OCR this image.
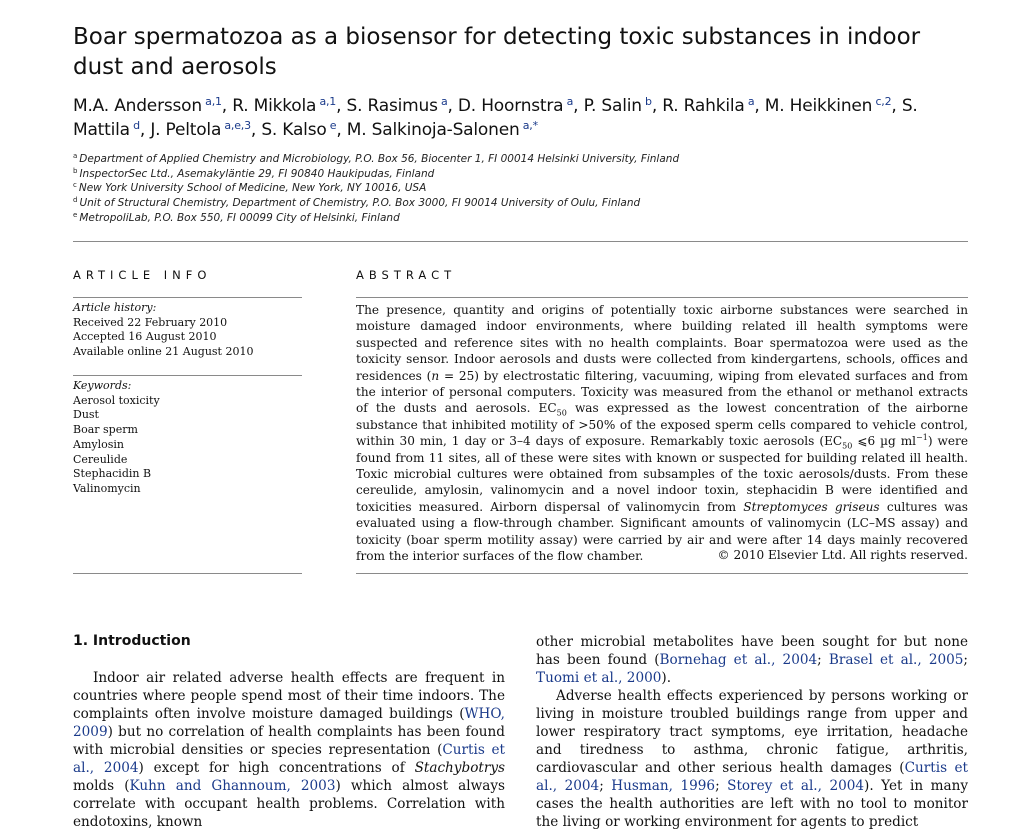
Boar spermatozoa as a biosensor for detecting toxic substances in indoor dust and aerosols
M.A. Andersson  $^{a,1}$, R. Mikkola  $^{a,1}$, S. Rasimus  $^a$, D. Hoornstra  $^a$, P. Salin  $^b$, R. Rahkila  $^a$, M. Heikkinen  $^{c,2}$, S. Mattila  $^d$, J. Peltola  $^{a,e,3}$, S. Kalso  $^e$, M. Salkinoja-Salonen  $^{a,*}$
$^a$ Department of Applied Chemistry and Microbiology, P.O. Box 56, Biocenter 1, FI 00014 Helsinki University, Finland
$^b$ InspectorSec Ltd., Asemakyläntie 29, FI 90840 Haukipudas, Finland
$^c$ New York University School of Medicine, New York, NY 10016, USA
$^d$ Unit of Structural Chemistry, Department of Chemistry, P.O. Box 3000, FI 90014 University of Oulu, Finland
$^e$ MetropoliLab, P.O. Box 550, FI 00099 City of Helsinki, Finland
ARTICLE INFO	ABSTRACT
Article history:
Received 22 February 2010
Accepted 16 August 2010
Available online 21 August 2010
Keywords:
Aerosol toxicity
Dust
Boar sperm
Amylosin
Cereulide
Stephacidin B
Valinomycin
The presence, quantity and origins of potentially toxic airborne substances were searched in moisture damaged indoor environments, where building related ill health symptoms were suspected and reference sites with no health complaints. Boar spermatozoa were used as the toxicity sensor. Indoor aerosols and dusts were collected from kindergartens, schools, offices and residences (n = 25) by electrostatic filtering, vacuuming, wiping from elevated surfaces and from the interior of personal computers. Toxicity was measured from the ethanol or methanol extracts of the dusts and aerosols. $EC_{50}$ was expressed as the lowest concentration of the airborne substance that inhibited motility of >50% of the exposed sperm cells compared to vehicle control, within 30 min, 1 day or 3–4 days of exposure. Remarkably toxic aerosols ($EC_{50}$ ⩽6 µg $ml^{-1}$) were found from 11 sites, all of these were sites with known or suspected for building related ill health. Toxic microbial cultures were obtained from subsamples of the toxic aerosols/dusts. From these cereulide, amylosin, valinomycin and a novel indoor toxin, stephacidin B were identified and toxicities measured. Airborn dispersal of valinomycin from Streptomyces griseus cultures was evaluated using a flow-through chamber. Significant amounts of valinomycin (LC–MS assay) and toxicity (boar sperm motility assay) were carried by air and were after 14 days mainly recovered from the interior surfaces of the flow chamber.	© 2010 Elsevier Ltd. All rights reserved.
1. Introduction

Indoor air related adverse health effects are frequent in countries where people spend most of their time indoors. The complaints often involve moisture damaged buildings (WHO, 2009) but no correlation of health complaints has been found with microbial densities or species representation (Curtis et al., 2004) except for high concentrations of Stachybotrys molds (Kuhn and Ghannoum, 2003) which almost always correlate with occupant health problems. Correlation with endotoxins, known

other microbial metabolites have been sought for but none has been found (Bornehag et al., 2004; Brasel et al., 2005; Tuomi et al., 2000).

Adverse health effects experienced by persons working or living in moisture troubled buildings range from upper and lower respiratory tract symptoms, eye irritation, headache and tiredness to asthma, chronic fatigue, arthritis, cardiovascular and other serious health damages (Curtis et al., 2004; Husman, 1996; Storey et al., 2004). Yet in many cases the health authorities are left with no tool to monitor the living or working environment for agents to predict
